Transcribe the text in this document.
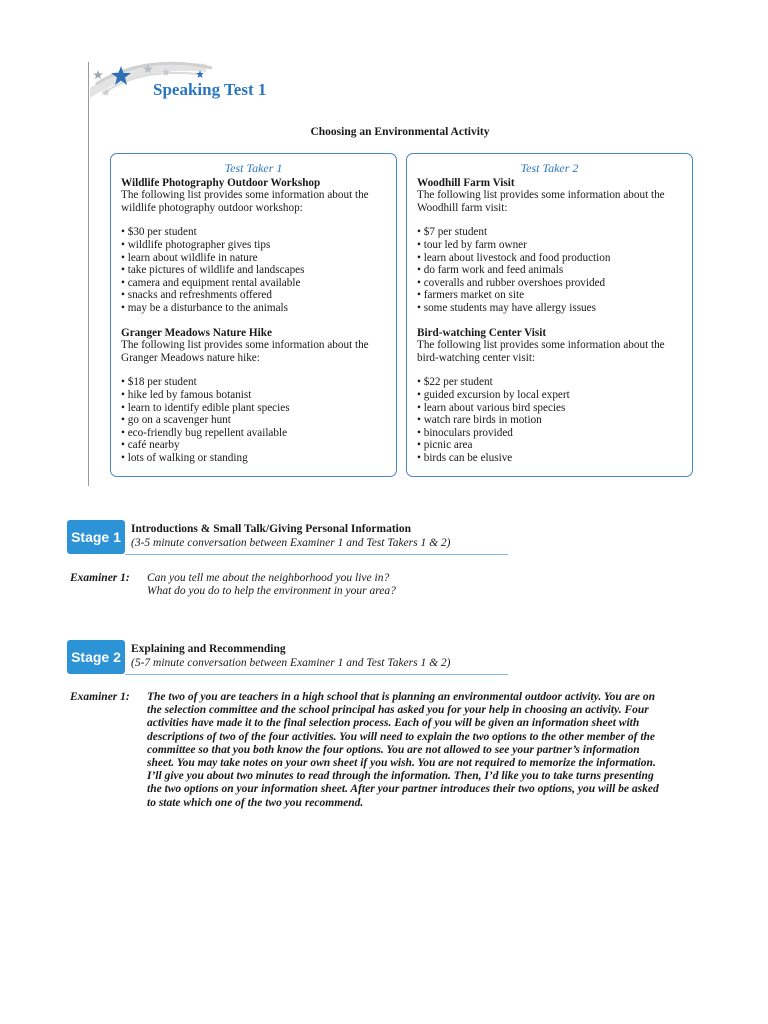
Speaking Test 1
Choosing an Environmental Activity
Test Taker 1
Wildlife Photography Outdoor Workshop
The following list provides some information about the
wildlife photography outdoor workshop:
• $30 per student
• wildlife photographer gives tips
• learn about wildlife in nature
• take pictures of wildlife and landscapes
• camera and equipment rental available
• snacks and refreshments offered
• may be a disturbance to the animals
Granger Meadows Nature Hike
The following list provides some information about the
Granger Meadows nature hike:
• $18 per student
• hike led by famous botanist
• learn to identify edible plant species
• go on a scavenger hunt
• eco-friendly bug repellent available
• café nearby
• lots of walking or standing
Test Taker 2
Woodhill Farm Visit
The following list provides some information about the
Woodhill farm visit:
• $7 per student
• tour led by farm owner
• learn about livestock and food production
• do farm work and feed animals
• coveralls and rubber overshoes provided
• farmers market on site
• some students may have allergy issues
Bird-watching Center Visit
The following list provides some information about the
bird-watching center visit:
• $22 per student
• guided excursion by local expert
• learn about various bird species
• watch rare birds in motion
• binoculars provided
• picnic area
• birds can be elusive
Stage 1 Introductions & Small Talk/Giving Personal Information
(3-5 minute conversation between Examiner 1 and Test Takers 1 & 2)
Examiner 1: Can you tell me about the neighborhood you live in?
What do you do to help the environment in your area?
Stage 2 Explaining and Recommending
(5-7 minute conversation between Examiner 1 and Test Takers 1 & 2)
Examiner 1: The two of you are teachers in a high school that is planning an environmental outdoor activity. You are on
the selection committee and the school principal has asked you for your help in choosing an activity. Four
activities have made it to the final selection process. Each of you will be given an information sheet with
descriptions of two of the four activities. You will need to explain the two options to the other member of the
committee so that you both know the four options. You are not allowed to see your partner’s information
sheet. You may take notes on your own sheet if you wish. You are not required to memorize the information.
I’ll give you about two minutes to read through the information. Then, I’d like you to take turns presenting
the two options on your information sheet. After your partner introduces their two options, you will be asked
to state which one of the two you recommend.
